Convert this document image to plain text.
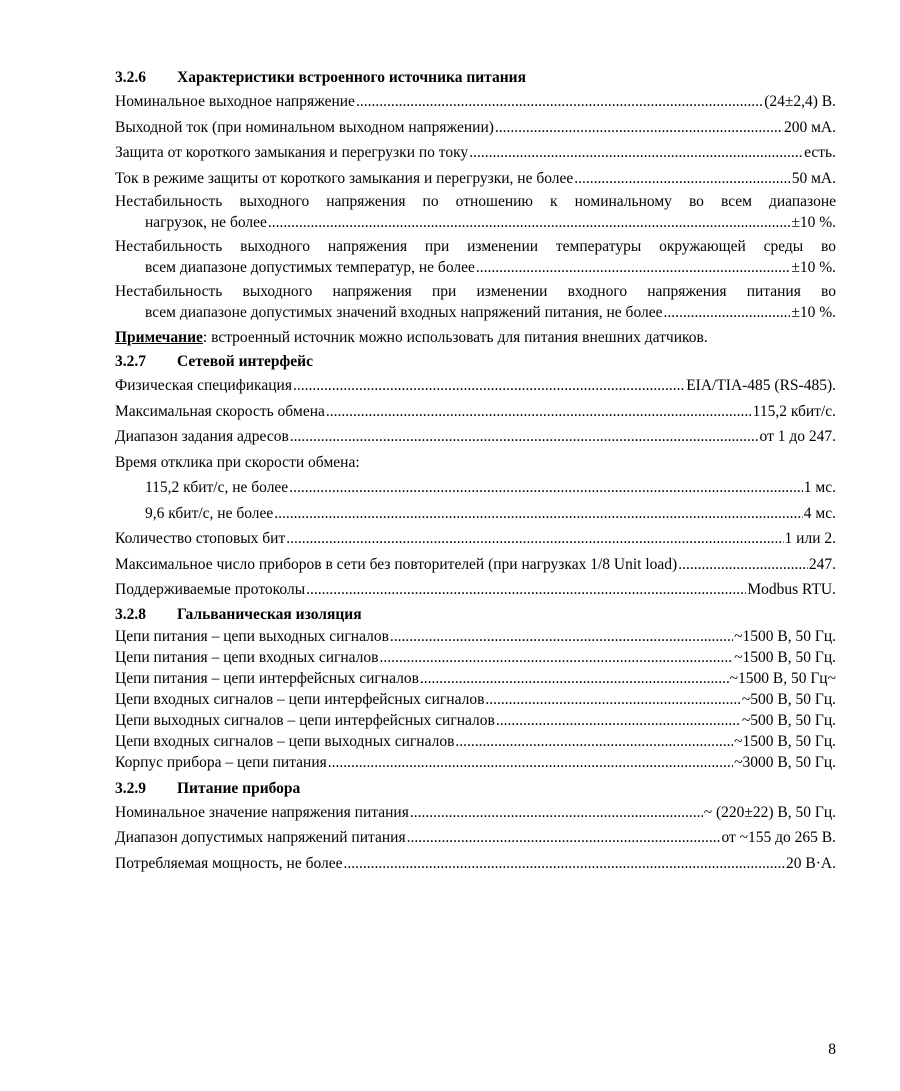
3.2.6 Характеристики встроенного источника питания
Номинальное выходное напряжение .....	(24±2,4) В.
Выходной ток (при номинальном выходном напряжении) .....	200 мА.
Защита от короткого замыкания и перегрузки по току .....	есть.
Ток в режиме защиты от короткого замыкания и перегрузки, не более .....	50 мА.
Нестабильность выходного напряжения по отношению к номинальному во всем диапазоне
нагрузок, не более .....	±10 %.
Нестабильность выходного напряжения при изменении температуры окружающей среды во
всем диапазоне допустимых температур, не более .....	±10 %.
Нестабильность выходного напряжения при изменении входного напряжения питания во
всем диапазоне допустимых значений входных напряжений питания, не более .....	±10 %.
Примечание: встроенный источник можно использовать для питания внешних датчиков.
3.2.7 Сетевой интерфейс
Физическая спецификация .....	EIA/TIA-485 (RS-485).
Максимальная скорость обмена .....	115,2 кбит/с.
Диапазон задания адресов .....	от 1 до 247.
Время отклика при скорости обмена:
115,2 кбит/с, не более .....	1 мс.
9,6 кбит/с, не более .....	4 мс.
Количество стоповых бит .....	1 или 2.
Максимальное число приборов в сети без повторителей (при нагрузках 1/8 Unit load) .....	247.
Поддерживаемые протоколы .....	Modbus RTU.
3.2.8 Гальваническая изоляция
Цепи питания – цепи выходных сигналов .....	~1500 В, 50 Гц.
Цепи питания – цепи входных сигналов .....	~1500 В, 50 Гц.
Цепи питания – цепи интерфейсных сигналов .....	~1500 В, 50 Гц~
Цепи входных сигналов – цепи интерфейсных сигналов .....	~500 В, 50 Гц.
Цепи выходных сигналов – цепи интерфейсных сигналов .....	~500 В, 50 Гц.
Цепи входных сигналов – цепи выходных сигналов .....	~1500 В, 50 Гц.
Корпус прибора – цепи питания .....	~3000 В, 50 Гц.
3.2.9 Питание прибора
Номинальное значение напряжения питания .....	~ (220±22) В, 50 Гц.
Диапазон допустимых напряжений питания .....	от ~155 до 265 В.
Потребляемая мощность, не более .....	20 В·А.
8
